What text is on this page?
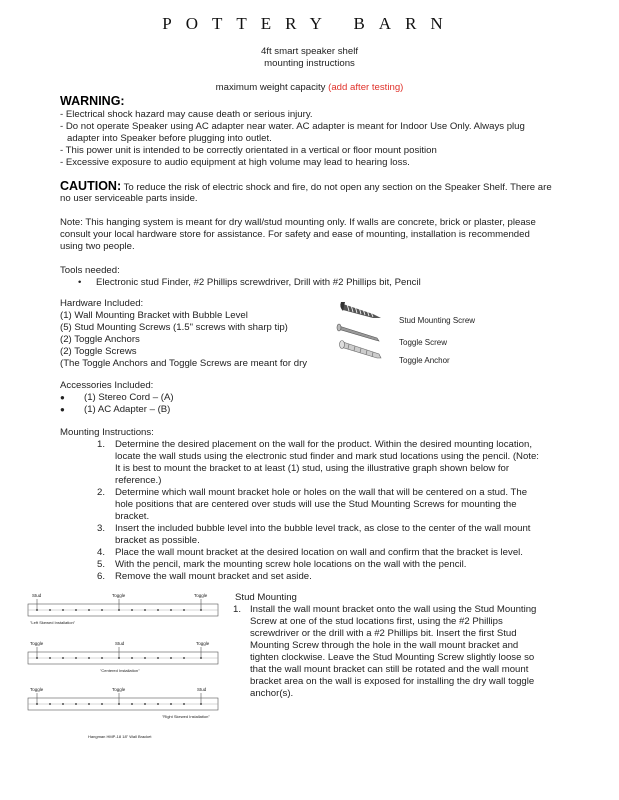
POTTERY BARN
4ft smart speaker shelf
mounting instructions
maximum weight capacity (add after testing)
WARNING:
- Electrical shock hazard may cause death or serious injury.
- Do not operate Speaker using AC adapter near water. AC adapter is meant for Indoor Use Only. Always plug
adapter into Speaker before plugging into outlet.
- This power unit is intended to be correctly orientated in a vertical or floor mount position
- Excessive exposure to audio equipment at high volume may lead to hearing loss.
CAUTION: To reduce the risk of electric shock and fire, do not open any section on the Speaker Shelf. There are
no user serviceable parts inside.
Note: This hanging system is meant for dry wall/stud mounting only. If walls are concrete, brick or plaster, please
consult your local hardware store for assistance. For safety and ease of mounting, installation is recommended
using two people.
Tools needed:
• Electronic stud Finder, #2 Phillips screwdriver, Drill with #2 Phillips bit, Pencil
Hardware Included:
(1) Wall Mounting Bracket with Bubble Level
(5) Stud Mounting Screws (1.5" screws with sharp tip)
(2) Toggle Anchors
(2) Toggle Screws
(The Toggle Anchors and Toggle Screws are meant for dry
Stud Mounting Screw
Toggle Screw
Toggle Anchor
Accessories Included:
● (1) Stereo Cord – (A)
● (1) AC Adapter – (B)
Mounting Instructions:
1. Determine the desired placement on the wall for the product. Within the desired mounting location,
locate the wall studs using the electronic stud finder and mark stud locations using the pencil. (Note:
It is best to mount the bracket to at least (1) stud, using the illustrative graph shown below for
reference.)
2. Determine which wall mount bracket hole or holes on the wall that will be centered on a stud. The
hole positions that are centered over studs will use the Stud Mounting Screws for mounting the
bracket.
3. Insert the included bubble level into the bubble level track, as close to the center of the wall mount
bracket as possible.
4. Place the wall mount bracket at the desired location on wall and confirm that the bracket is level.
5. With the pencil, mark the mounting screw hole locations on the wall with the pencil.
6. Remove the wall mount bracket and set aside.
Stud	Toggle	Toggle
"Left Skewed Installation"
Toggle	Stud	Toggle
"Centered Installation"
Toggle	Toggle	Stud
"Right Skewed Installation"
Hangman HMP-18 18" Wall Bracket
Stud Mounting
1. Install the wall mount bracket onto the wall using the Stud Mounting
Screw at one of the stud locations first, using the #2 Phillips
screwdriver or the drill with a #2 Phillips bit. Insert the first Stud
Mounting Screw through the hole in the wall mount bracket and
tighten clockwise. Leave the Stud Mounting Screw slightly loose so
that the wall mount bracket can still be rotated and the wall mount
bracket area on the wall is exposed for installing the dry wall toggle
anchor(s).
